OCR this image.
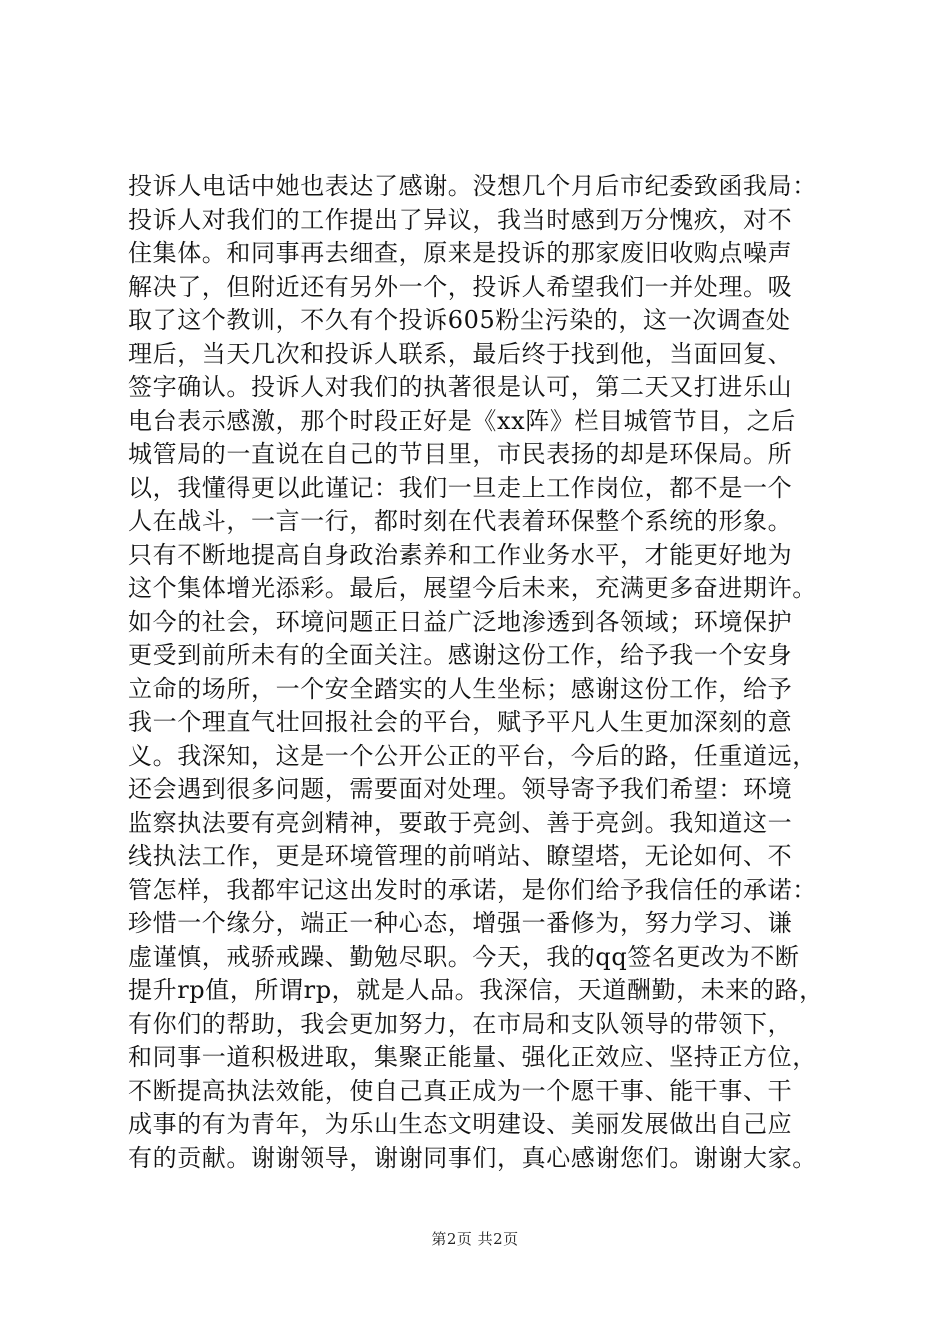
投诉人电话中她也表达了感谢。没想几个月后市纪委致函我局：
投诉人对我们的工作提出了异议，我当时感到万分愧疚，对不
住集体。和同事再去细查，原来是投诉的那家废旧收购点噪声
解决了，但附近还有另外一个，投诉人希望我们一并处理。吸
取了这个教训，不久有个投诉605粉尘污染的，这一次调查处
理后，当天几次和投诉人联系，最后终于找到他，当面回复、
签字确认。投诉人对我们的执著很是认可，第二天又打进乐山
电台表示感激，那个时段正好是《xx阵》栏目城管节目，之后
城管局的一直说在自己的节目里，市民表扬的却是环保局。所
以，我懂得更以此谨记：我们一旦走上工作岗位，都不是一个
人在战斗，一言一行，都时刻在代表着环保整个系统的形象。
只有不断地提高自身政治素养和工作业务水平，才能更好地为
这个集体增光添彩。最后，展望今后未来，充满更多奋进期许。
如今的社会，环境问题正日益广泛地渗透到各领域；环境保护
更受到前所未有的全面关注。感谢这份工作，给予我一个安身
立命的场所，一个安全踏实的人生坐标；感谢这份工作，给予
我一个理直气壮回报社会的平台，赋予平凡人生更加深刻的意
义。我深知，这是一个公开公正的平台，今后的路，任重道远，
还会遇到很多问题，需要面对处理。领导寄予我们希望：环境
监察执法要有亮剑精神，要敢于亮剑、善于亮剑。我知道这一
线执法工作，更是环境管理的前哨站、瞭望塔，无论如何、不
管怎样，我都牢记这出发时的承诺，是你们给予我信任的承诺：
珍惜一个缘分，端正一种心态，增强一番修为，努力学习、谦
虚谨慎，戒骄戒躁、勤勉尽职。今天，我的qq签名更改为不断
提升rp值，所谓rp，就是人品。我深信，天道酬勤，未来的路，
有你们的帮助，我会更加努力，在市局和支队领导的带领下，
和同事一道积极进取，集聚正能量、强化正效应、坚持正方位，
不断提高执法效能，使自己真正成为一个愿干事、能干事、干
成事的有为青年，为乐山生态文明建设、美丽发展做出自己应
有的贡献。谢谢领导，谢谢同事们，真心感谢您们。谢谢大家。
第2页 共2页
